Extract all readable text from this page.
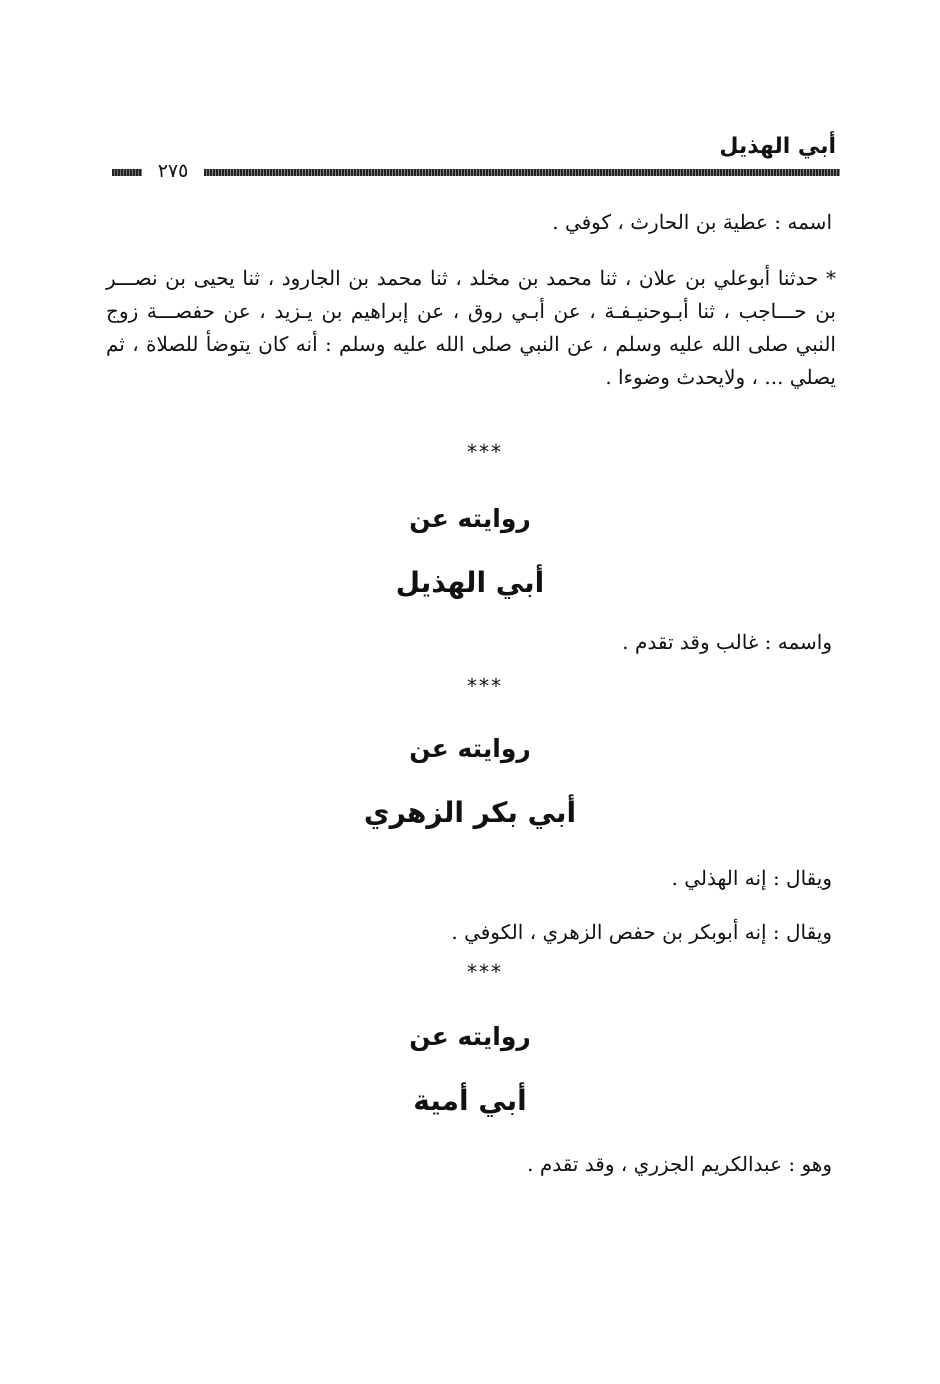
أبي الهذيل
٢٧٥
اسمه : عطية بن الحارث ، كوفي .
* حدثنا أبوعلي بن علان ، ثنا محمد بن مخلد ، ثنا محمد بن الجارود ، ثنا يحيى بن نصـــر بن حـــاجب ، ثنا أبـوحنيـفـة ، عن أبـي روق ، عن إبراهيم بن يـزيد ، عن حفصـــة زوج النبي صلى الله عليه وسلم ، عن النبي صلى الله عليه وسلم : أنه كان يتوضأ للصلاة ، ثم يصلي ... ، ولايحدث وضوءا .
***
روايته عن
أبي الهذيل
واسمه : غالب وقد تقدم .
***
روايته عن
أبي بكر الزهري
ويقال : إنه الهذلي .
ويقال : إنه أبوبكر بن حفص الزهري ، الكوفي .
***
روايته عن
أبي أمية
وهو : عبدالكريم الجزري ، وقد تقدم .
